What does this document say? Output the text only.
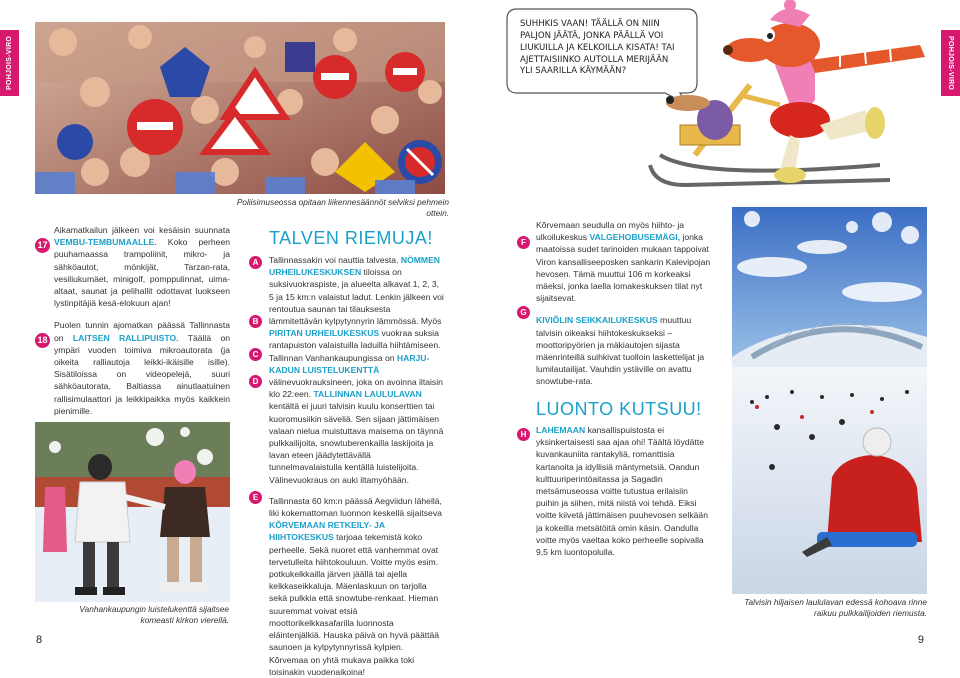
POHJOIS-VIRO	POHJOIS-VIRO
Poliisimuseossa opitaan liikennesäännöt selviksi pehmein ottein.
SUHHKIS VAAN! TÄÄLLÄ ON NIIN PALJON JÄÄTÄ, JONKA PÄÄLLÄ VOI LIUKUILLA JA KELKOILLA KISATA! TAI AJETTAISIINKO AUTOLLA MERIJÄÄN YLI SAARILLA KÄYMÄÄN?
17
18

Aikamatkailun jälkeen voi kesäisin suunnata VEMBU-TEMBUMAALLE. Koko perheen puuhamaassa trampoliinit, mikro- ja sähköautot, mönkijät, Tarzan-rata, vesiliukumäet, minigolf, pomppulinnat, uima-altaat, saunat ja pelihallit odottavat luokseen lystinpitäjiä kesä-elokuun ajan!

Puolen tunnin ajomatkan päässä Tallinnasta on LAITSEN RALLIPUISTO. Täällä on ympäri vuoden toimiva mikroautorata (ja oikeita ralliautoja leikki-ikäisille isille). Sisätiloissa on videopelejä, suuri sähköautorata, Baltiassa ainutlaatuinen rallisimulaattori ja leikkipaikka myös kaikkein pienimille.

Vanhankaupungin luistelukenttä sijaitsee komeasti kirkon vierellä.
TALVEN RIEMUJA!
A
B
C
D
E
Tallinnassakin voi nauttia talvesta. NÖMMEN URHEILUKESKUKSEN tiloissa on suksivuokraspiste, ja alueelta alkavat 1, 2, 3, 5 ja 15 km:n valaistut ladut. Lenkin jälkeen voi rentoutua saunan tai tilauksesta lämmitettävän kylpytynnyrin lämmössä. Myös PIRITAN URHEILUKESKUS vuokraa suksia rantapuiston valaistuilla laduilla hiihtämiseen. Tallinnan Vanhankaupungissa on HARJU-KADUN LUISTELUKENTTÄ välinevuokrauksineen, joka on avoinna iltaisin klo 22:een. TALLINNAN LAULULAVAN kentältä ei juuri talvisin kuulu konserttien tai kuoromusiikin säveliä. Sen sijaan jättimäisen valaan nielua muistuttava maisema on täynnä pulkkailijoita, snowtuberenkailla laskijoita ja lavan eteen jäädytettävällä tunnelmavalaistulla kentällä luistelijoita. Välinevuokraus on auki iltamyöhään.
Tallinnasta 60 km:n päässä Aegviidun lähellä, liki kokemattoman luonnon keskellä sijaitseva KÕRVEMAAN RETKEILY- JA HIIHTOKESKUS tarjoaa tekemistä koko perheelle. Sekä nuoret että vanhemmat ovat tervetulleita hiihtokouluun. Voitte myös esim. potkukelkkailla järven jäällä tai ajella kelkkaseikkaluja. Mäenlaskuun on tarjolla sekä pulkkia että snowtube-renkaat. Hieman suuremmat voivat etsiä moottorikelkkasafarilla luonnosta eläintenjälkiä. Hauska päivä on hyvä päättää saunoen ja kylpytynnyrissä kylpien. Kõrvemaa on yhtä mukava paikka toki toisinakin vuodenaikoina!
F
G
H

Kõrvemaan seudulla on myös hiihto- ja ulkoilukeskus VALGEHOBUSEMÄGI, jonka maatoissa sudet tarinoiden mukaan tappoivat Viron kansalliseeposken sankarin Kalevipojan hevosen. Tämä muuttui 106 m korkeaksi mäeksi, jonka laella lomakeskuksen tilat nyt sijaitsevat.

KIVIÕLIN SEIKKAILUKESKUS muuttuu talvisin oikeaksi hiihtokeskukseksi – moottoripyörien ja mäkiautojen sijasta mäenrinteillä suihkivat tuolloin laskettelijat ja lumilautailijat. Vauhdin ystäville on avattu snowtube-rata.

LUONTO KUTSUU!
LAHEMAAN kansallispuistosta ei yksinkertaisesti saa ajaa ohi! Täältä löydätte kuvankauniita rantakyliä, romanttisia kartanoita ja idyllisiä mäntymetsiä. Oandun kulttuuriperintöaitassa ja Sagadin metsämuseossa voitte tutustua erilaisiin puihin ja siihen, mitä niistä voi tehdä. Eiksi voitte kiivetä jättimäisen puuhevosen selkään ja kokeilla metsätöitä omin käsin. Oandulla voitte myös vaeltaa koko perheelle sopivalla 9,5 km luontopolulla.
Talvisin hiljaisen laululavan edessä kohoava rinne raikuu pulkkailijoiden riemusta.
8	9
